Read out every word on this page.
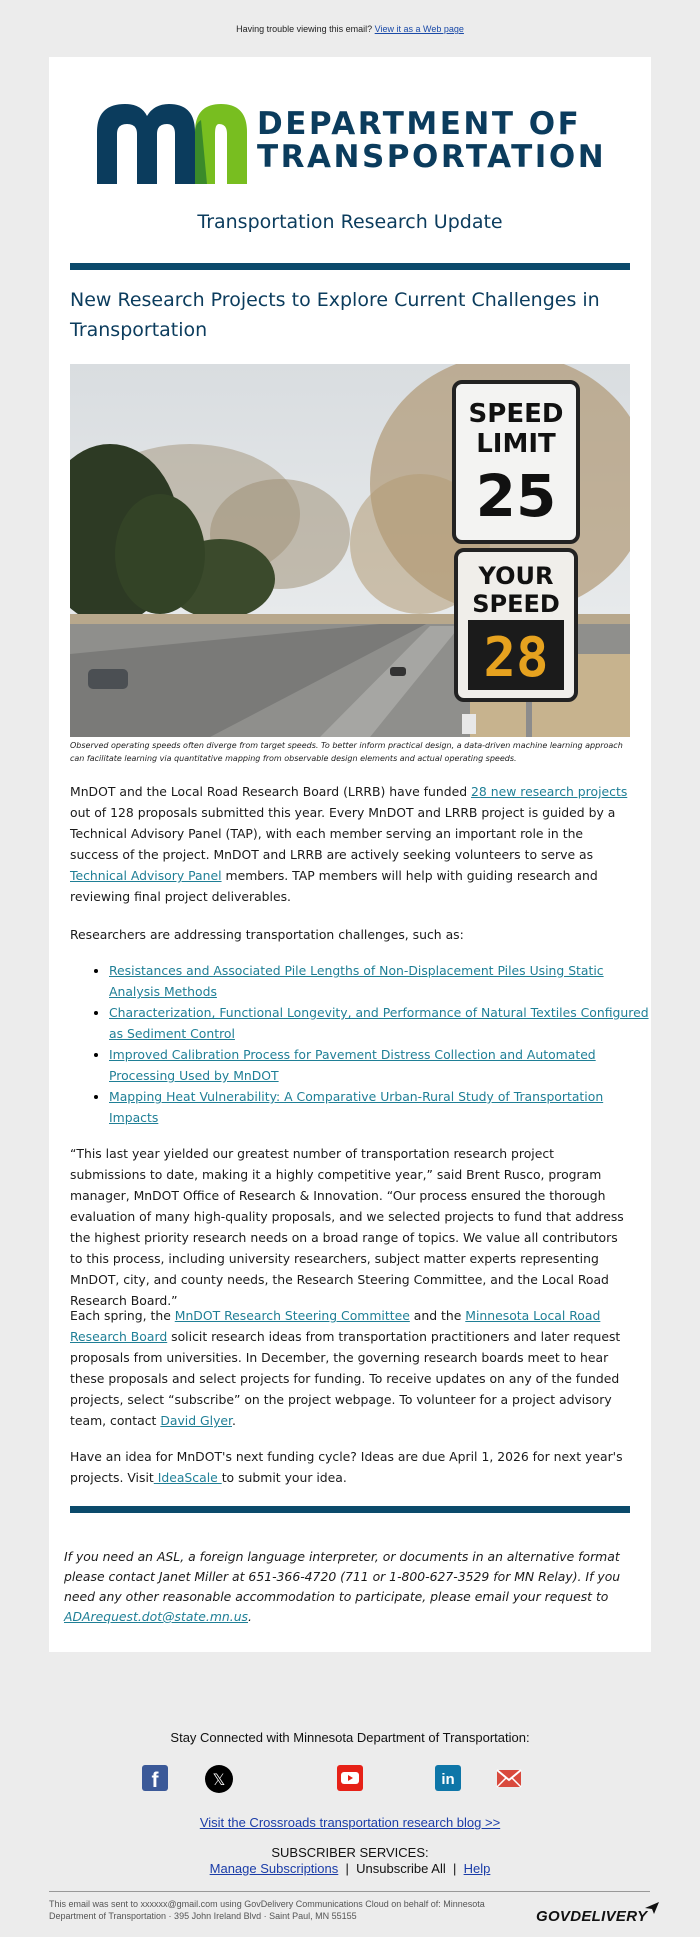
Having trouble viewing this email? View it as a Web page
DEPARTMENT OF
TRANSPORTATION
Transportation Research Update
New Research Projects to Explore Current Challenges in Transportation
SPEED
LIMIT
25
YOUR
SPEED
28
Observed operating speeds often diverge from target speeds. To better inform practical design, a data-driven machine learning approach can facilitate learning via quantitative mapping from observable design elements and actual operating speeds.

MnDOT and the Local Road Research Board (LRRB) have funded 28 new research projects out of 128 proposals submitted this year. Every MnDOT and LRRB project is guided by a Technical Advisory Panel (TAP), with each member serving an important role in the success of the project. MnDOT and LRRB are actively seeking volunteers to serve as Technical Advisory Panel members. TAP members will help with guiding research and reviewing final project deliverables.

Researchers are addressing transportation challenges, such as:
• Resistances and Associated Pile Lengths of Non-Displacement Piles Using Static Analysis Methods
• Characterization, Functional Longevity, and Performance of Natural Textiles Configured as Sediment Control
• Improved Calibration Process for Pavement Distress Collection and Automated Processing Used by MnDOT
• Mapping Heat Vulnerability: A Comparative Urban-Rural Study of Transportation Impacts
“This last year yielded our greatest number of transportation research project submissions to date, making it a highly competitive year,” said Brent Rusco, program manager, MnDOT Office of Research & Innovation. “Our process ensured the thorough evaluation of many high-quality proposals, and we selected projects to fund that address the highest priority research needs on a broad range of topics. We value all contributors to this process, including university researchers, subject matter experts representing MnDOT, city, and county needs, the Research Steering Committee, and the Local Road Research Board.”

Each spring, the MnDOT Research Steering Committee and the Minnesota Local Road Research Board solicit research ideas from transportation practitioners and later request proposals from universities. In December, the governing research boards meet to hear these proposals and select projects for funding. To receive updates on any of the funded projects, select “subscribe” on the project webpage. To volunteer for a project advisory team, contact David Glyer.

Have an idea for MnDOT's next funding cycle? Ideas are due April 1, 2026 for next year's projects. Visit IdeaScale to submit your idea.

If you need an ASL, a foreign language interpreter, or documents in an alternative format please contact Janet Miller at 651-366-4720 (711 or 1-800-627-3529 for MN Relay). If you need any other reasonable accommodation to participate, please email your request to ADArequest.dot@state.mn.us.
Stay Connected with Minnesota Department of Transportation:
f	𝕏	in
Visit the Crossroads transportation research blog >>
SUBSCRIBER SERVICES:
Manage Subscriptions | Unsubscribe All | Help
This email was sent to xxxxxx@gmail.com using GovDelivery Communications Cloud on behalf of: Minnesota Department of Transportation · 395 John Ireland Blvd · Saint Paul, MN 55155	GOVDELIVERY
